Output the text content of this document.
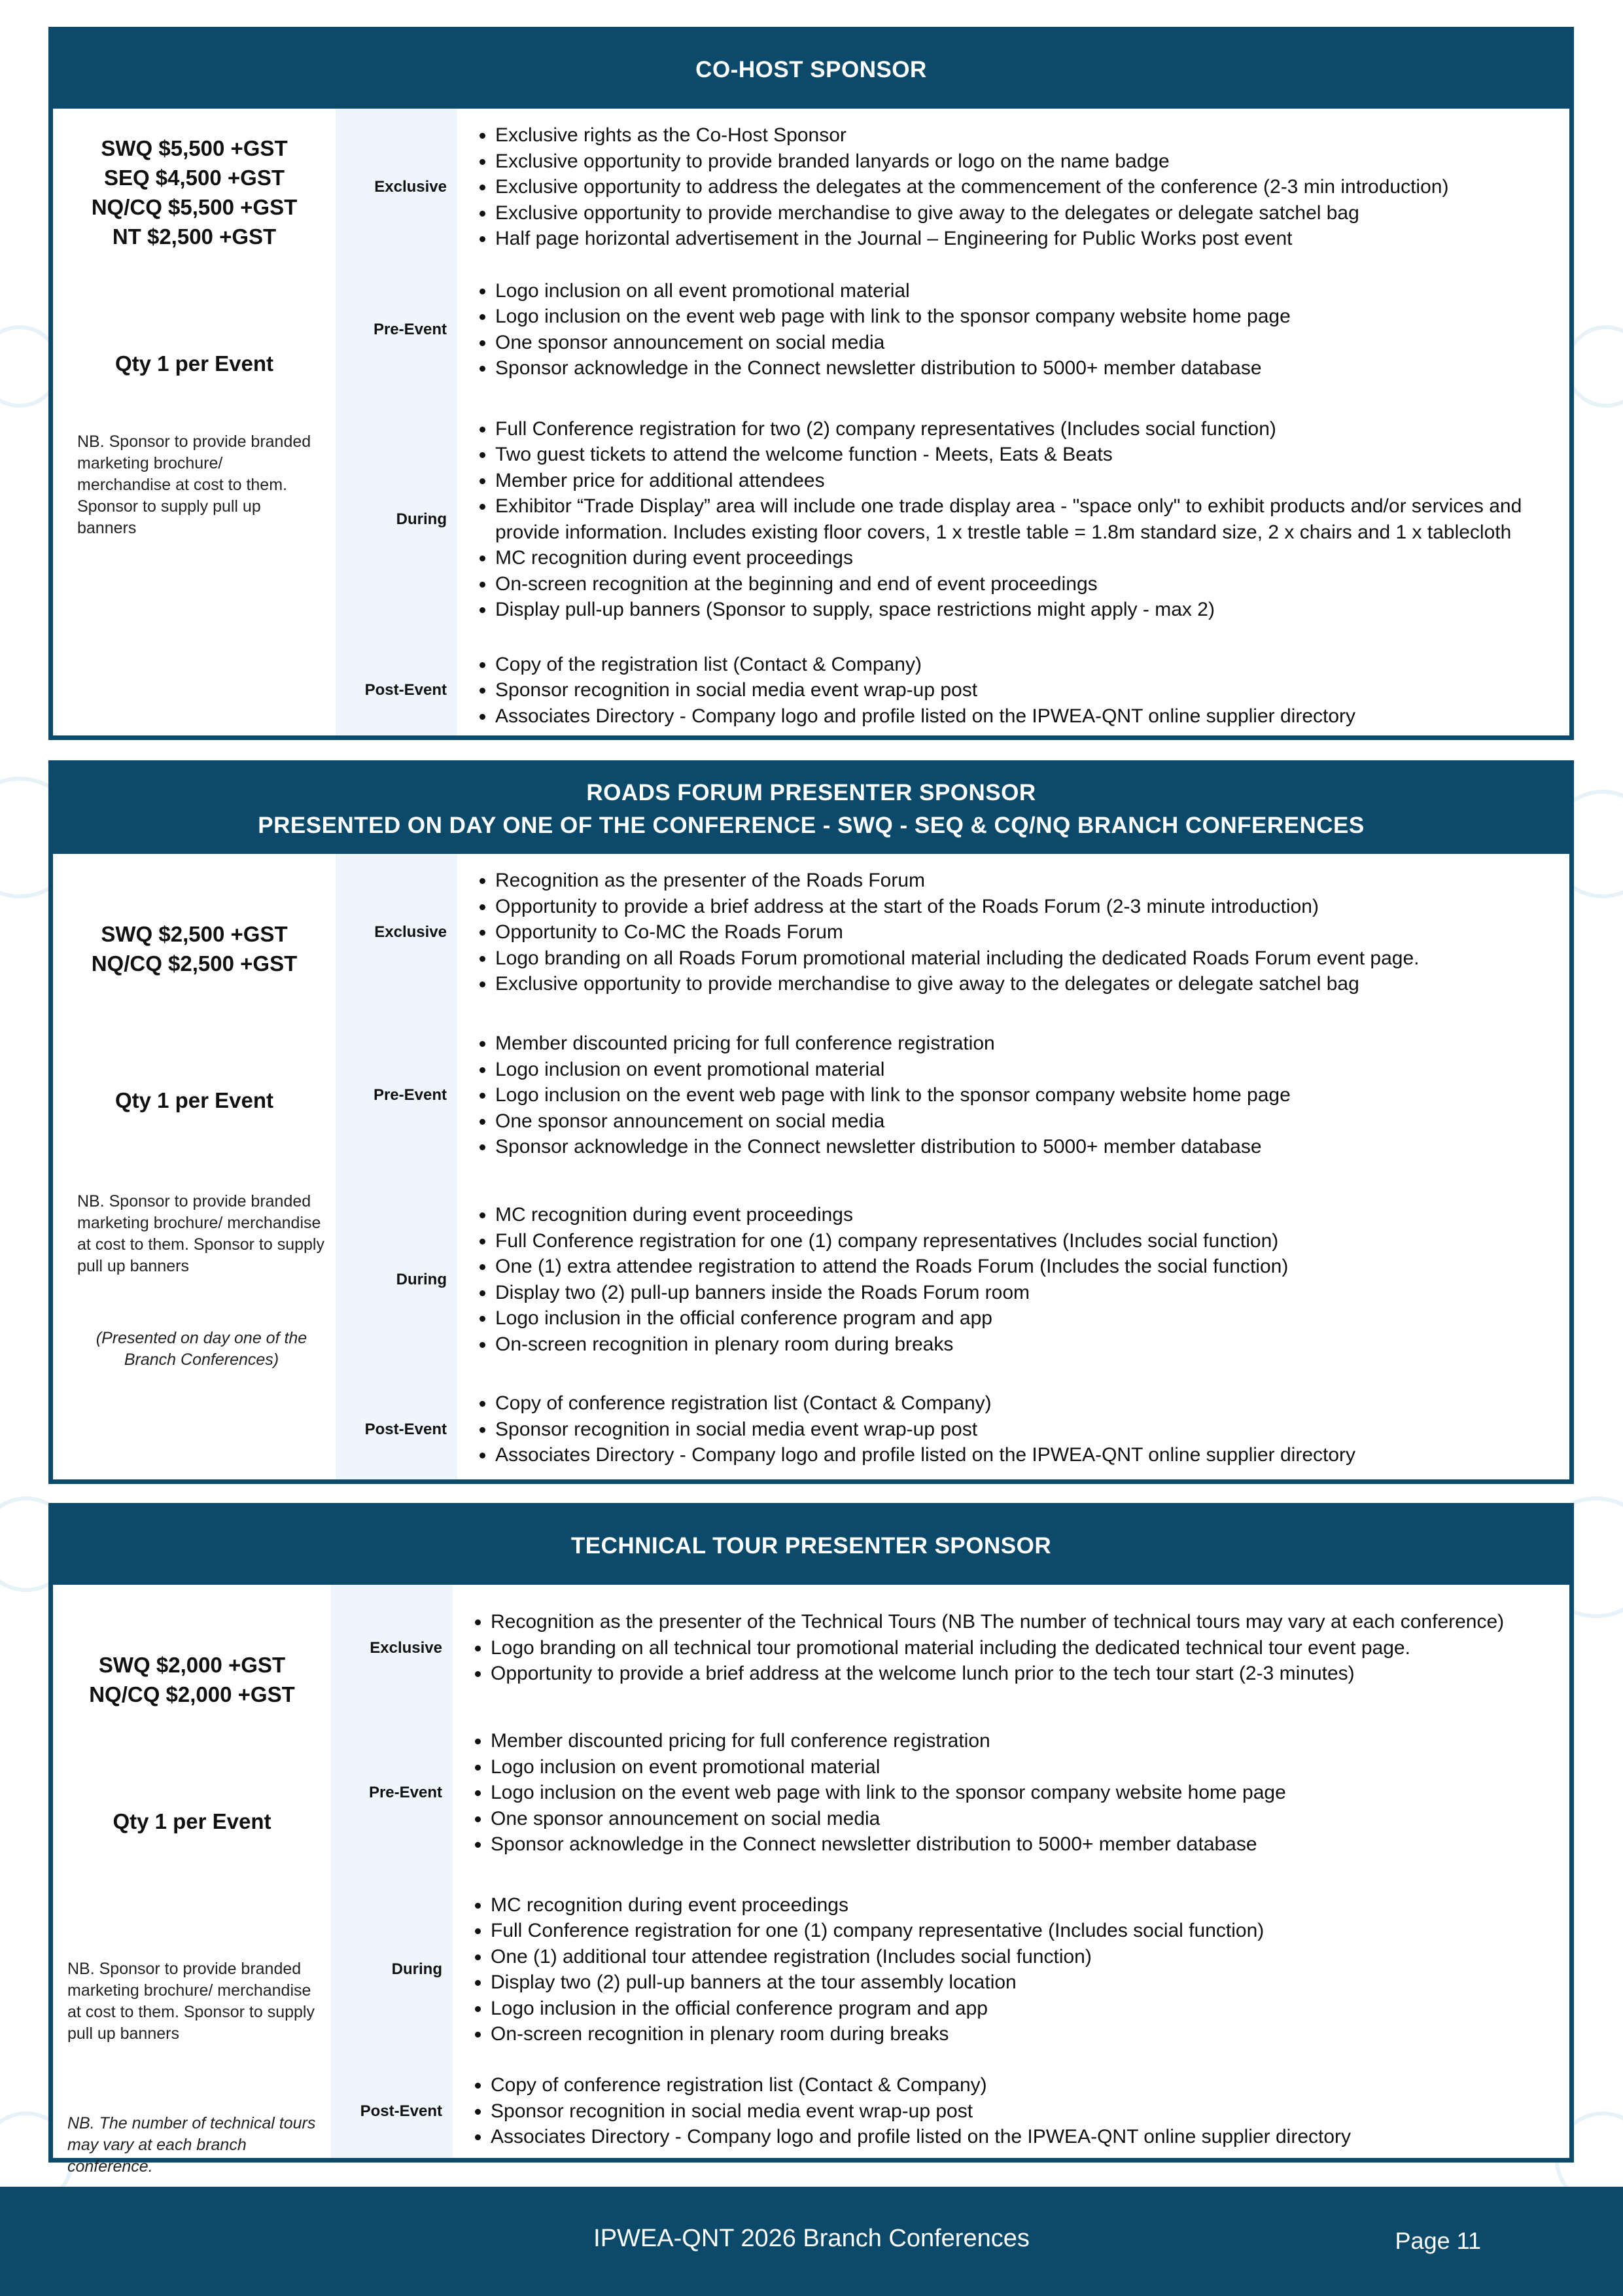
CO-HOST SPONSOR
SWQ $5,500 +GST
SEQ $4,500 +GST
NQ/CQ $5,500 +GST
NT $2,500 +GST
Qty 1 per Event
NB. Sponsor to provide branded marketing brochure/ merchandise at cost to them. Sponsor to supply pull up banners
Exclusive
• Exclusive rights as the Co-Host Sponsor
• Exclusive opportunity to provide branded lanyards or logo on the name badge
• Exclusive opportunity to address the delegates at the commencement of the conference (2-3 min introduction)
• Exclusive opportunity to provide merchandise to give away to the delegates or delegate satchel bag
• Half page horizontal advertisement in the Journal – Engineering for Public Works post event
Pre-Event
• Logo inclusion on all event promotional material
• Logo inclusion on the event web page with link to the sponsor company website home page
• One sponsor announcement on social media
• Sponsor acknowledge in the Connect newsletter distribution to 5000+ member database
During
• Full Conference registration for two (2) company representatives (Includes social function)
• Two guest tickets to attend the welcome function - Meets, Eats & Beats
• Member price for additional attendees
• Exhibitor “Trade Display” area will include one trade display area - "space only" to exhibit products and/or services and provide information. Includes existing floor covers, 1 x trestle table = 1.8m standard size, 2 x chairs and 1 x tablecloth
• MC recognition during event proceedings
• On-screen recognition at the beginning and end of event proceedings
• Display pull-up banners (Sponsor to supply, space restrictions might apply - max 2)
Post-Event
• Copy of the registration list (Contact & Company)
• Sponsor recognition in social media event wrap-up post
• Associates Directory - Company logo and profile listed on the IPWEA-QNT online supplier directory
ROADS FORUM PRESENTER SPONSOR
PRESENTED ON DAY ONE OF THE CONFERENCE - SWQ - SEQ & CQ/NQ BRANCH CONFERENCES
SWQ $2,500 +GST
NQ/CQ $2,500 +GST
Qty 1 per Event
NB. Sponsor to provide branded marketing brochure/ merchandise at cost to them. Sponsor to supply pull up banners
(Presented on day one of the Branch Conferences)
Exclusive
• Recognition as the presenter of the Roads Forum
• Opportunity to provide a brief address at the start of the Roads Forum (2-3 minute introduction)
• Opportunity to Co-MC the Roads Forum
• Logo branding on all Roads Forum promotional material including the dedicated Roads Forum event page.
• Exclusive opportunity to provide merchandise to give away to the delegates or delegate satchel bag
Pre-Event
• Member discounted pricing for full conference registration
• Logo inclusion on event promotional material
• Logo inclusion on the event web page with link to the sponsor company website home page
• One sponsor announcement on social media
• Sponsor acknowledge in the Connect newsletter distribution to 5000+ member database
During
• MC recognition during event proceedings
• Full Conference registration for one (1) company representatives (Includes social function)
• One (1) extra attendee registration to attend the Roads Forum (Includes the social function)
• Display two (2) pull-up banners inside the Roads Forum room
• Logo inclusion in the official conference program and app
• On-screen recognition in plenary room during breaks
Post-Event
• Copy of conference registration list (Contact & Company)
• Sponsor recognition in social media event wrap-up post
• Associates Directory - Company logo and profile listed on the IPWEA-QNT online supplier directory
TECHNICAL TOUR PRESENTER SPONSOR
SWQ $2,000 +GST
NQ/CQ $2,000 +GST
Qty 1 per Event
NB. Sponsor to provide branded marketing brochure/ merchandise at cost to them. Sponsor to supply pull up banners
NB. The number of technical tours may vary at each branch conference.
Exclusive
• Recognition as the presenter of the Technical Tours (NB The number of technical tours may vary at each conference)
• Logo branding on all technical tour promotional material including the dedicated technical tour event page.
• Opportunity to provide a brief address at the welcome lunch prior to the tech tour start (2-3 minutes)
Pre-Event
• Member discounted pricing for full conference registration
• Logo inclusion on event promotional material
• Logo inclusion on the event web page with link to the sponsor company website home page
• One sponsor announcement on social media
• Sponsor acknowledge in the Connect newsletter distribution to 5000+ member database
During
• MC recognition during event proceedings
• Full Conference registration for one (1) company representative (Includes social function)
• One (1) additional tour attendee registration (Includes social function)
• Display two (2) pull-up banners at the tour assembly location
• Logo inclusion in the official conference program and app
• On-screen recognition in plenary room during breaks
Post-Event
• Copy of conference registration list (Contact & Company)
• Sponsor recognition in social media event wrap-up post
• Associates Directory - Company logo and profile listed on the IPWEA-QNT online supplier directory
IPWEA-QNT 2026 Branch Conferences	Page 11
